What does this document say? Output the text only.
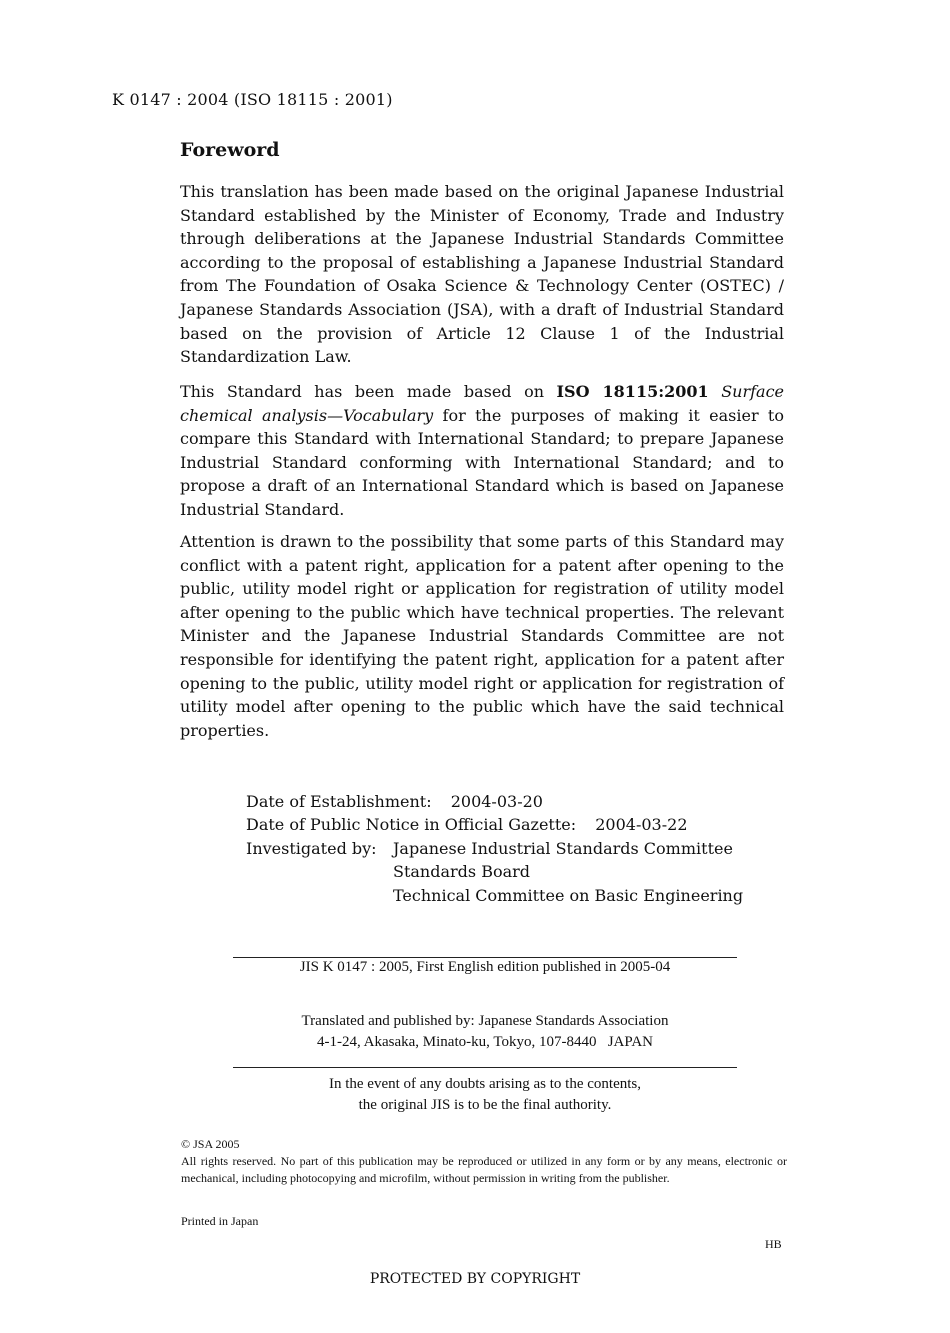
K 0147 : 2004 (ISO 18115 : 2001)
Foreword
This translation has been made based on the original Japanese Industrial Standard established by the Minister of Economy, Trade and Industry through deliberations at the Japanese Industrial Standards Committee according to the proposal of establishing a Japanese Industrial Standard from The Foundation of Osaka Science & Technology Center (OSTEC) / Japanese Standards Association (JSA), with a draft of Industrial Standard based on the provision of Article 12 Clause 1 of the Industrial Standardization Law.
This Standard has been made based on ISO 18115:2001 Surface chemical analysis—Vocabulary for the purposes of making it easier to compare this Standard with International Standard; to prepare Japanese Industrial Standard conforming with International Standard; and to propose a draft of an International Standard which is based on Japanese Industrial Standard.
Attention is drawn to the possibility that some parts of this Standard may conflict with a patent right, application for a patent after opening to the public, utility model right or application for registration of utility model after opening to the public which have technical properties. The relevant Minister and the Japanese Industrial Standards Committee are not responsible for identifying the patent right, application for a patent after opening to the public, utility model right or application for registration of utility model after opening to the public which have the said technical properties.
Date of Establishment: 2004-03-20
Date of Public Notice in Official Gazette: 2004-03-22
Investigated by: Japanese Industrial Standards Committee
Standards Board
Technical Committee on Basic Engineering
JIS K 0147 : 2005, First English edition published in 2005-04
Translated and published by: Japanese Standards Association
4-1-24, Akasaka, Minato-ku, Tokyo, 107-8440   JAPAN
In the event of any doubts arising as to the contents,
the original JIS is to be the final authority.
© JSA 2005
All rights reserved. No part of this publication may be reproduced or utilized in any form or by any means, electronic or mechanical, including photocopying and microfilm, without permission in writing from the publisher.
Printed in Japan
HB
PROTECTED BY COPYRIGHT
